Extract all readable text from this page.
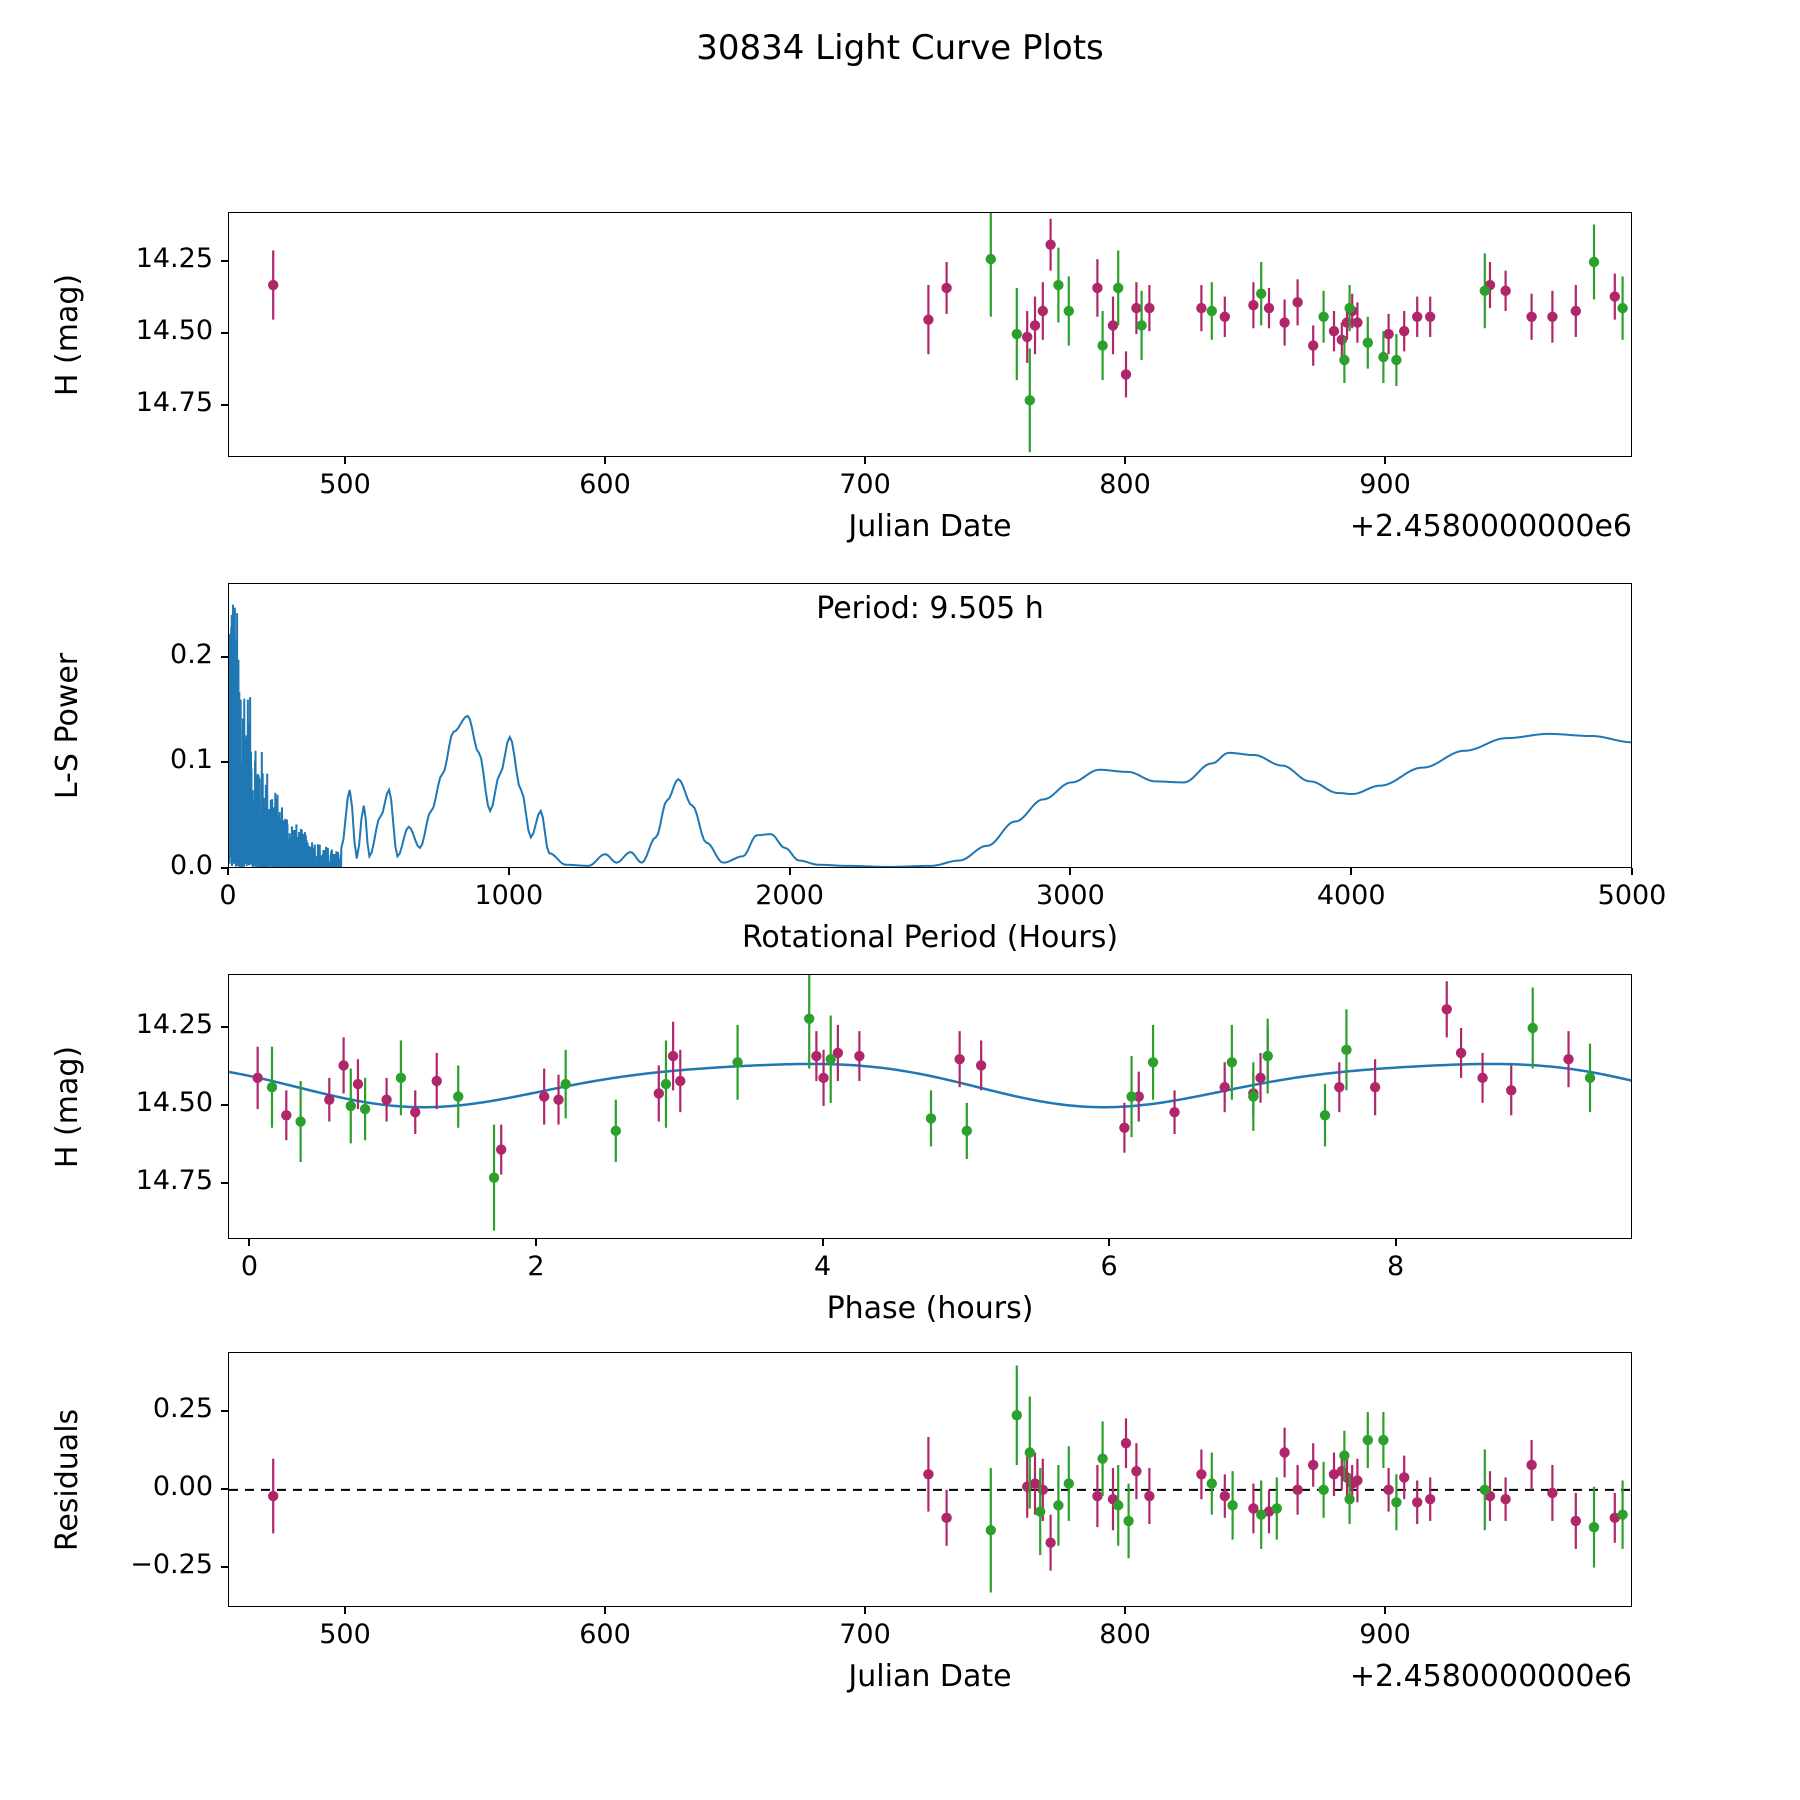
30834 Light Curve Plots
500	600	700	800	900
14.25
14.50
14.75
Julian Date	+2.4580000000e6
H (mag)
0	1000	2000	3000	4000	5000
0.0
0.1
0.2
Rotational Period (Hours)
L-S Power
Period: 9.505 h
0	2	4	6	8
14.25
14.50
14.75
Phase (hours)
H (mag)
500	600	700	800	900
−0.25
0.00
0.25
Julian Date	+2.4580000000e6
Residuals
